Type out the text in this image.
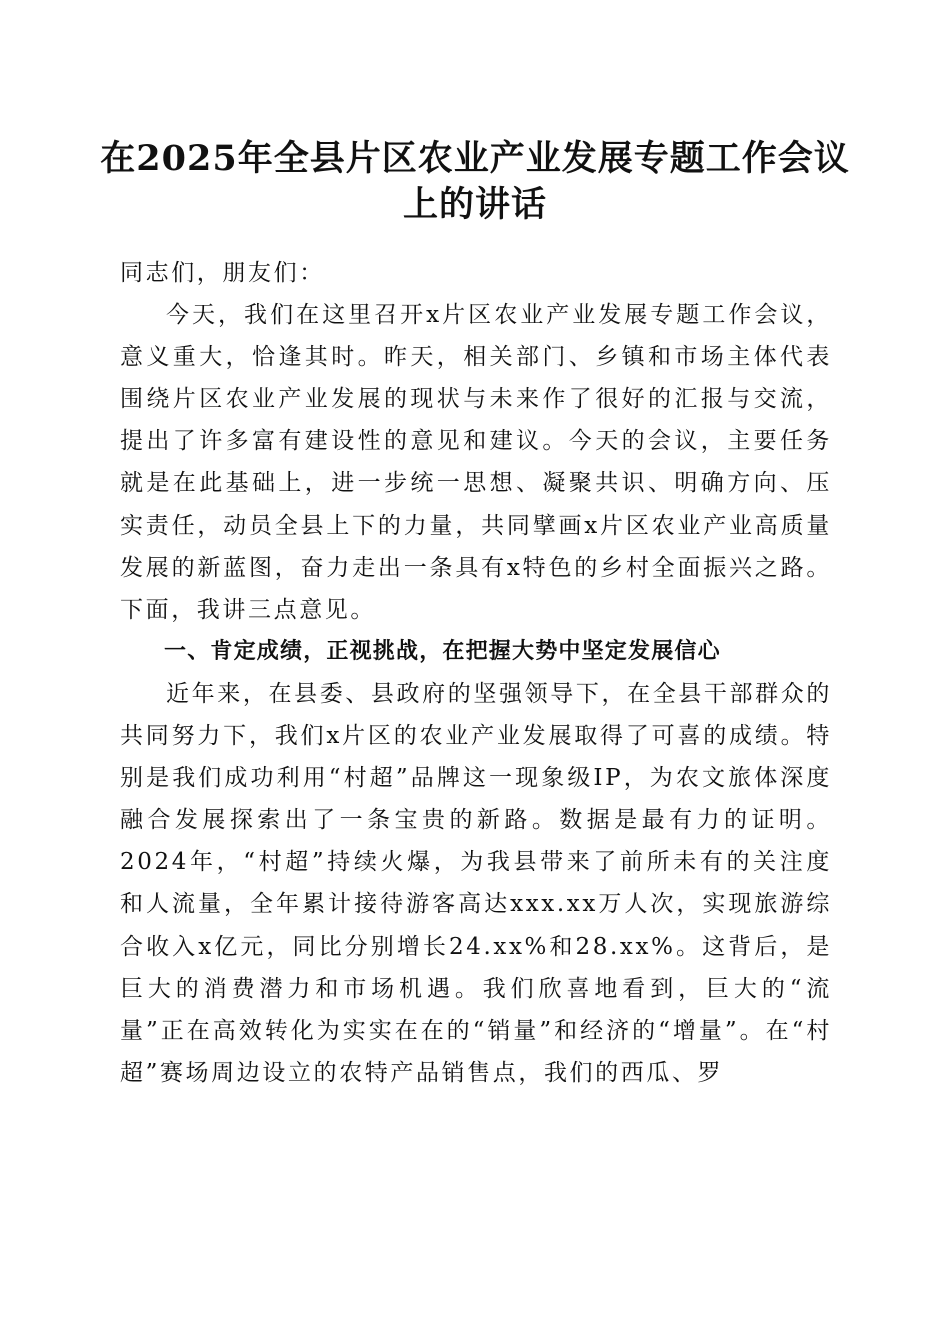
在2025年全县片区农业产业发展专题工作会议上的讲话

同志们，朋友们：

今天，我们在这里召开x片区农业产业发展专题工作会议，意义重大，恰逢其时。昨天，相关部门、乡镇和市场主体代表围绕片区农业产业发展的现状与未来作了很好的汇报与交流，提出了许多富有建设性的意见和建议。今天的会议，主要任务就是在此基础上，进一步统一思想、凝聚共识、明确方向、压实责任，动员全县上下的力量，共同擘画x片区农业产业高质量发展的新蓝图，奋力走出一条具有x特色的乡村全面振兴之路。下面，我讲三点意见。

一、肯定成绩，正视挑战，在把握大势中坚定发展信心

近年来，在县委、县政府的坚强领导下，在全县干部群众的共同努力下，我们x片区的农业产业发展取得了可喜的成绩。特别是我们成功利用“村超”品牌这一现象级IP，为农文旅体深度融合发展探索出了一条宝贵的新路。数据是最有力的证明。2024年，“村超”持续火爆，为我县带来了前所未有的关注度和人流量，全年累计接待游客高达xxx.xx万人次，实现旅游综合收入x亿元，同比分别增长24.xx%和28.xx%。这背后，是巨大的消费潜力和市场机遇。我们欣喜地看到，巨大的“流量”正在高效转化为实实在在的“销量”和经济的“增量”。在“村超”赛场周边设立的农特产品销售点，我们的西瓜、罗
